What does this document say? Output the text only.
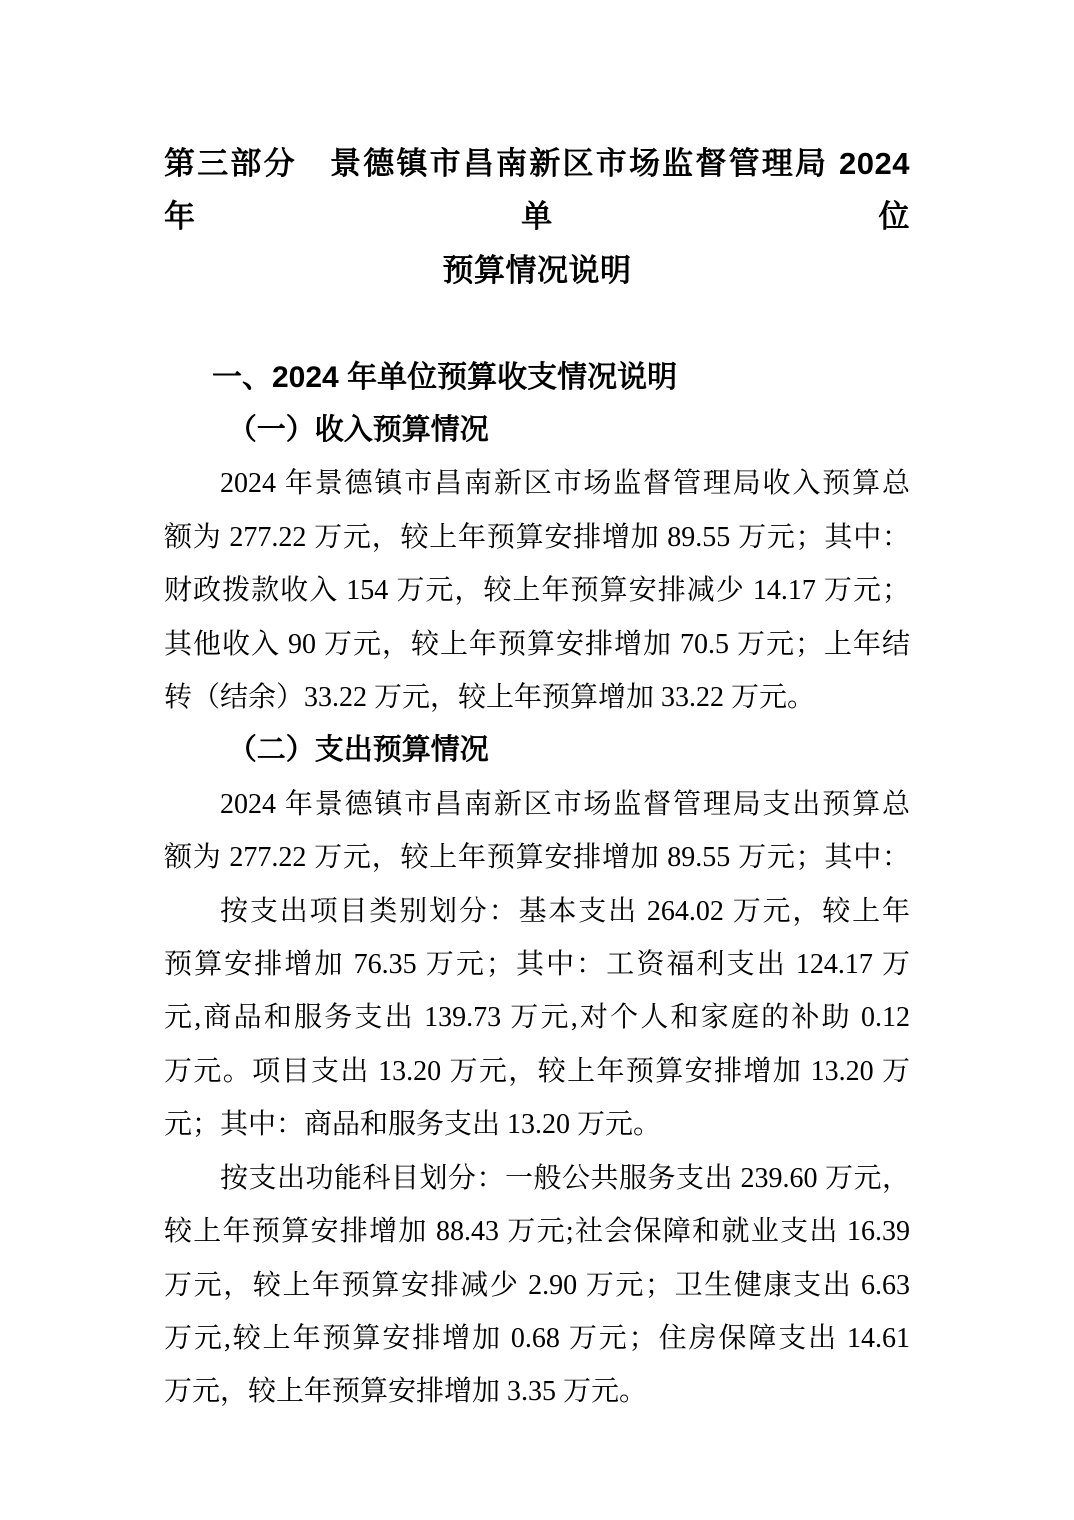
第三部分　景德镇市昌南新区市场监督管理局 2024 年单位
预算情况说明
一、2024 年单位预算收支情况说明
（一）收入预算情况
2024 年景德镇市昌南新区市场监督管理局收入预算总
额为 277.22 万元，较上年预算安排增加 89.55 万元；其中：
财政拨款收入 154 万元，较上年预算安排减少 14.17 万元；
其他收入 90 万元，较上年预算安排增加 70.5 万元；上年结
转（结余）33.22 万元，较上年预算增加 33.22 万元。
（二）支出预算情况
2024 年景德镇市昌南新区市场监督管理局支出预算总
额为 277.22 万元，较上年预算安排增加 89.55 万元；其中：
按支出项目类别划分：基本支出 264.02 万元，较上年
预算安排增加 76.35 万元；其中：工资福利支出 124.17 万
元,商品和服务支出 139.73 万元,对个人和家庭的补助 0.12
万元。项目支出 13.20 万元，较上年预算安排增加 13.20 万
元；其中：商品和服务支出 13.20 万元。
按支出功能科目划分：一般公共服务支出 239.60 万元，
较上年预算安排增加 88.43 万元;社会保障和就业支出 16.39
万元，较上年预算安排减少 2.90 万元；卫生健康支出 6.63
万元,较上年预算安排增加 0.68 万元；住房保障支出 14.61
万元，较上年预算安排增加 3.35 万元。
